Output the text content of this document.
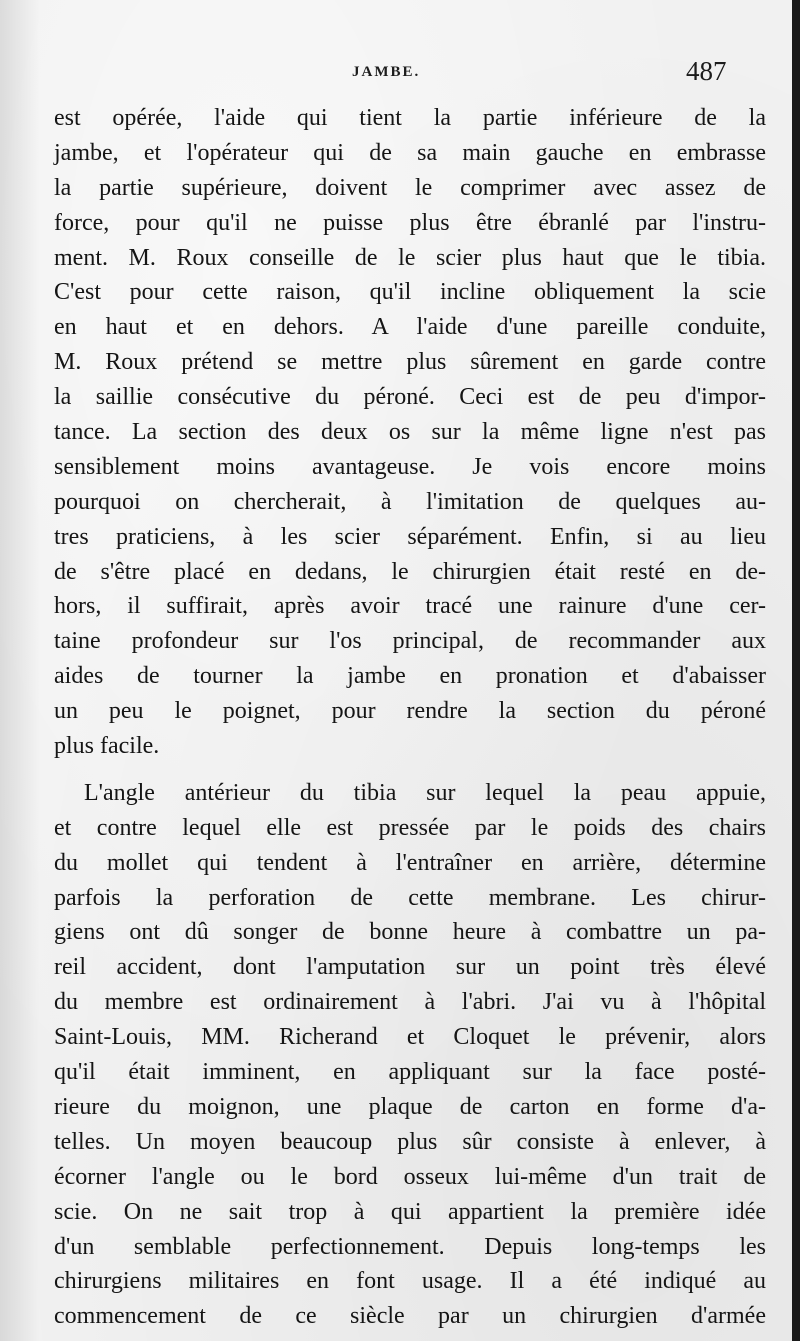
JAMBE.	487
est opérée, l'aide qui tient la partie inférieure de la
jambe, et l'opérateur qui de sa main gauche en embrasse
la partie supérieure, doivent le comprimer avec assez de
force, pour qu'il ne puisse plus être ébranlé par l'instru-
ment. M. Roux conseille de le scier plus haut que le tibia.
C'est pour cette raison, qu'il incline obliquement la scie
en haut et en dehors. A l'aide d'une pareille conduite,
M. Roux prétend se mettre plus sûrement en garde contre
la saillie consécutive du péroné. Ceci est de peu d'impor-
tance. La section des deux os sur la même ligne n'est pas
sensiblement moins avantageuse. Je vois encore moins
pourquoi on chercherait, à l'imitation de quelques au-
tres praticiens, à les scier séparément. Enfin, si au lieu
de s'être placé en dedans, le chirurgien était resté en de-
hors, il suffirait, après avoir tracé une rainure d'une cer-
taine profondeur sur l'os principal, de recommander aux
aides de tourner la jambe en pronation et d'abaisser
un peu le poignet, pour rendre la section du péroné
plus facile.
L'angle antérieur du tibia sur lequel la peau appuie,
et contre lequel elle est pressée par le poids des chairs
du mollet qui tendent à l'entraîner en arrière, détermine
parfois la perforation de cette membrane. Les chirur-
giens ont dû songer de bonne heure à combattre un pa-
reil accident, dont l'amputation sur un point très élevé
du membre est ordinairement à l'abri. J'ai vu à l'hôpital
Saint-Louis, MM. Richerand et Cloquet le prévenir, alors
qu'il était imminent, en appliquant sur la face posté-
rieure du moignon, une plaque de carton en forme d'a-
telles. Un moyen beaucoup plus sûr consiste à enlever, à
écorner l'angle ou le bord osseux lui-même d'un trait de
scie. On ne sait trop à qui appartient la première idée
d'un semblable perfectionnement. Depuis long-temps les
chirurgiens militaires en font usage. Il a été indiqué au
commencement de ce siècle par un chirurgien d'armée
